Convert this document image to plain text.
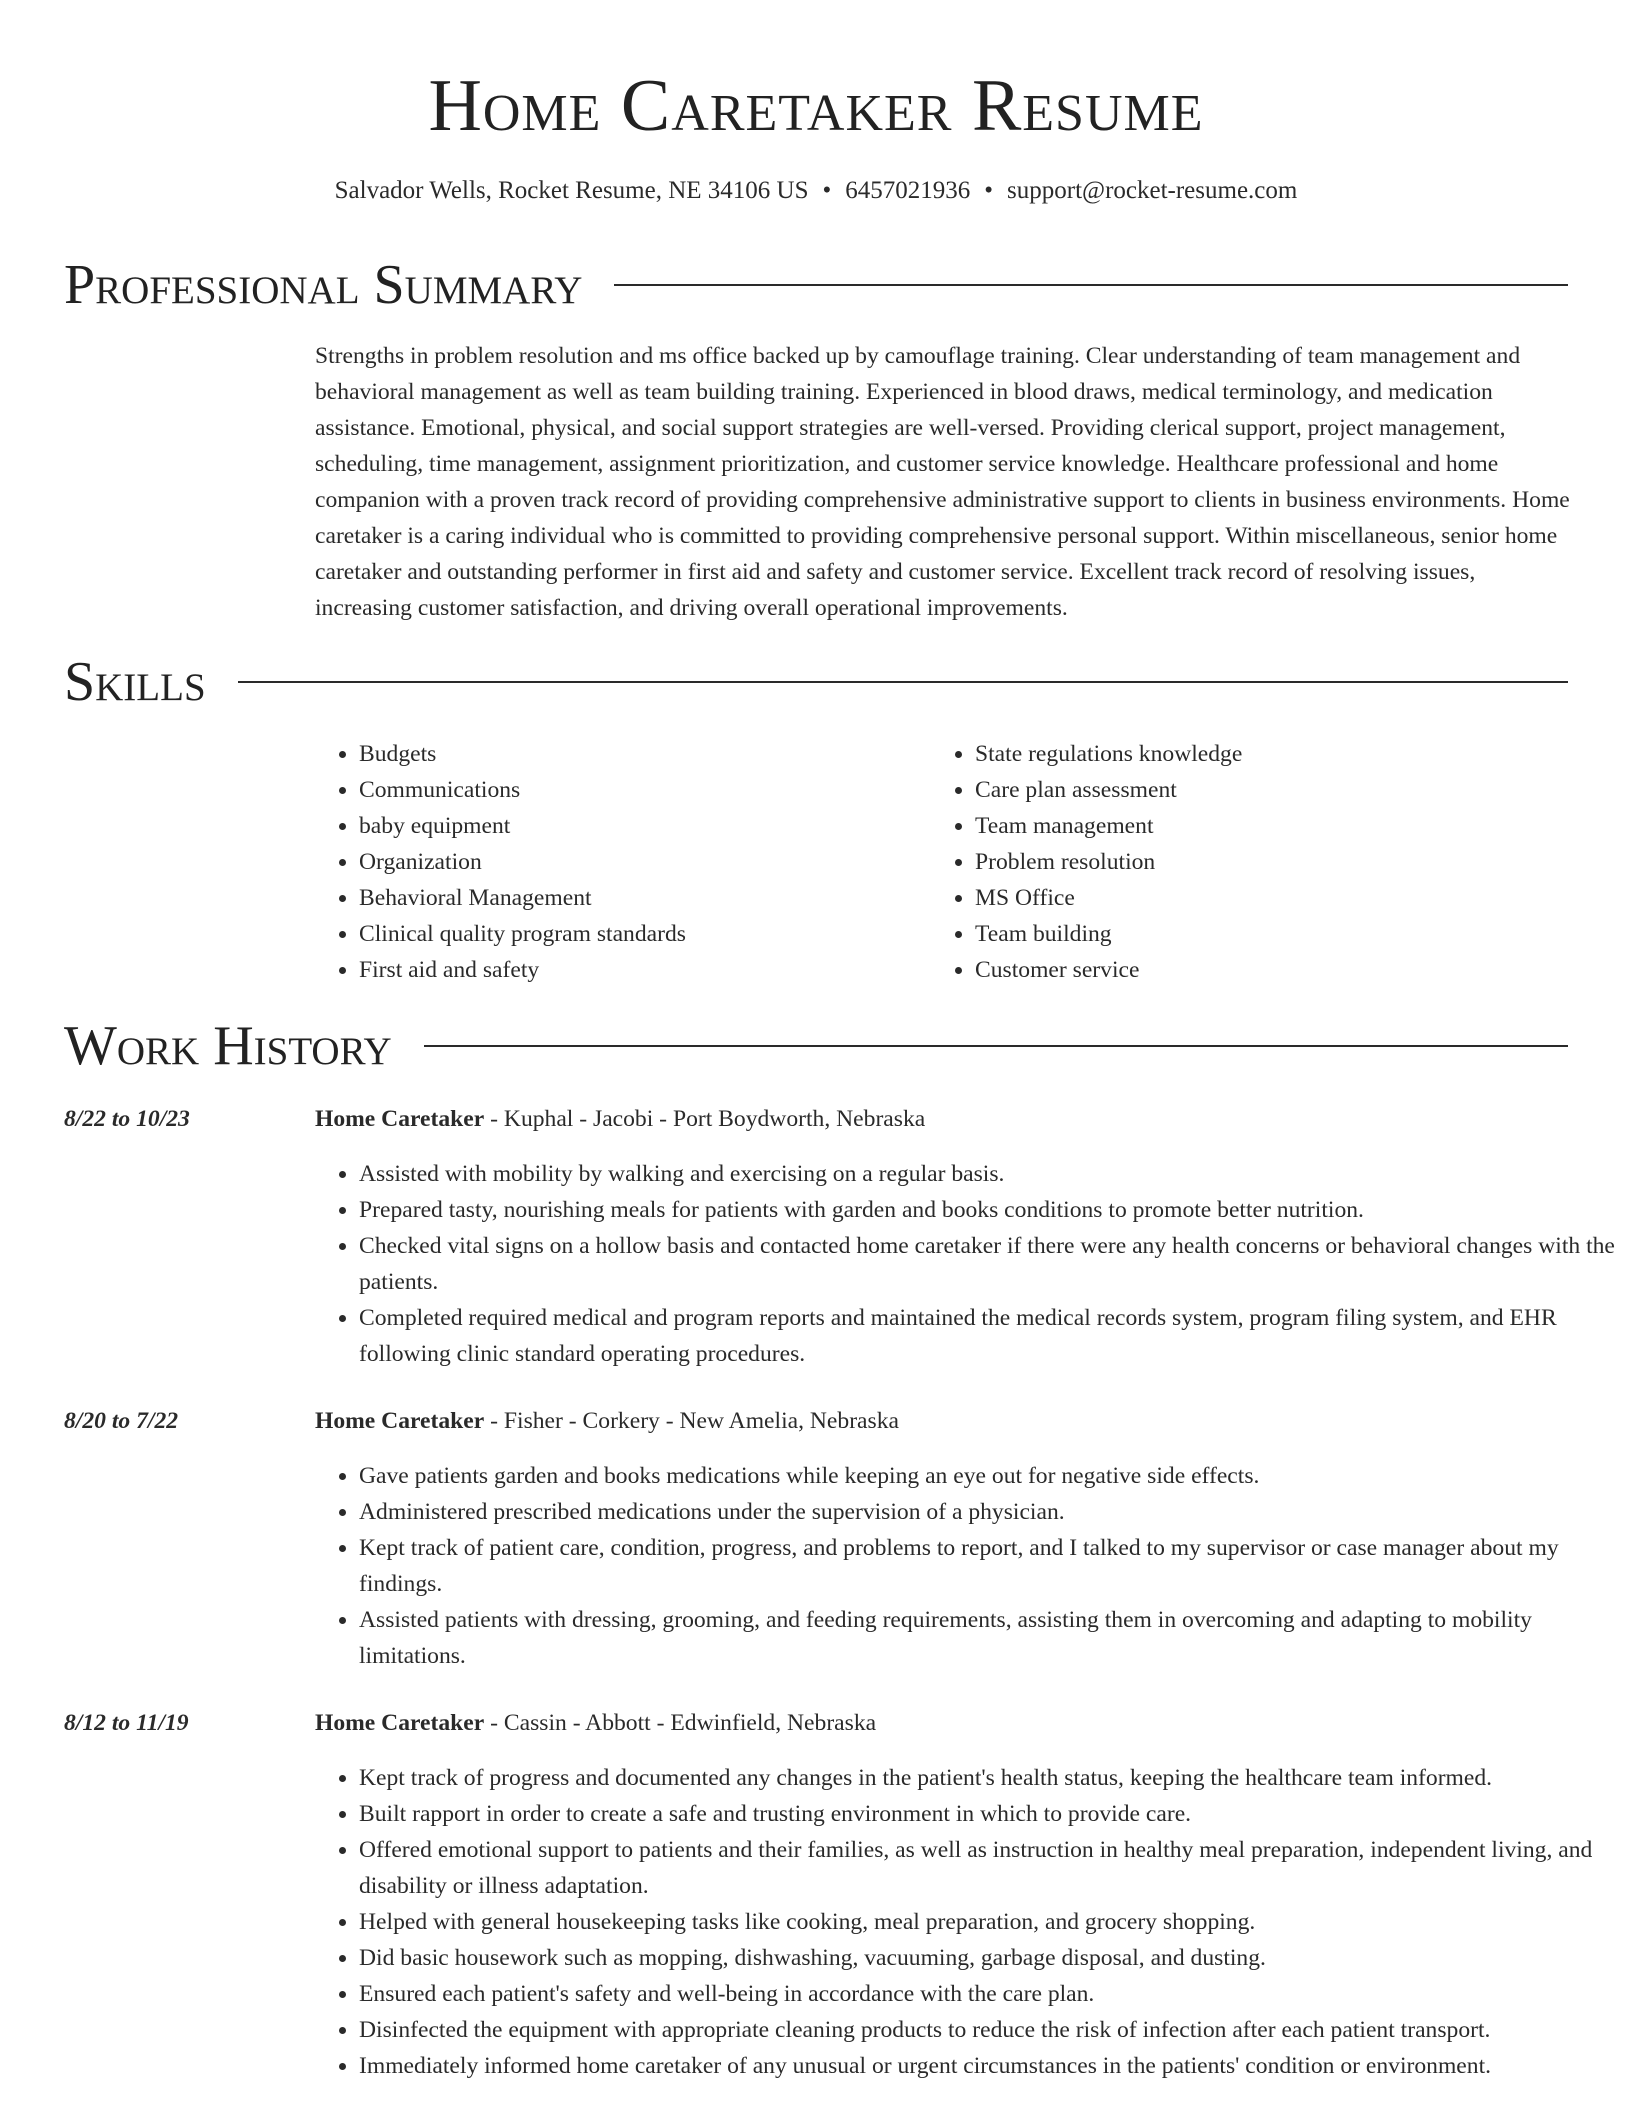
Home Caretaker Resume
Salvador Wells, Rocket Resume, NE 34106 US • 6457021936 • support@rocket-resume.com
Professional Summary

Strengths in problem resolution and ms office backed up by camouflage training. Clear understanding of team management and behavioral management as well as team building training. Experienced in blood draws, medical terminology, and medication assistance. Emotional, physical, and social support strategies are well-versed. Providing clerical support, project management, scheduling, time management, assignment prioritization, and customer service knowledge. Healthcare professional and home companion with a proven track record of providing comprehensive administrative support to clients in business environments. Home caretaker is a caring individual who is committed to providing comprehensive personal support. Within miscellaneous, senior home caretaker and outstanding performer in first aid and safety and customer service. Excellent track record of resolving issues, increasing customer satisfaction, and driving overall operational improvements.

Skills
• Budgets
• Communications
• baby equipment
• Organization
• Behavioral Management
• Clinical quality program standards
• First aid and safety
• State regulations knowledge
• Care plan assessment
• Team management
• Problem resolution
• MS Office
• Team building
• Customer service
Work History
8/22 to 10/23	Home Caretaker - Kuphal - Jacobi - Port Boydworth, Nebraska
• Assisted with mobility by walking and exercising on a regular basis.
• Prepared tasty, nourishing meals for patients with garden and books conditions to promote better nutrition.
• Checked vital signs on a hollow basis and contacted home caretaker if there were any health concerns or behavioral changes with the patients.
• Completed required medical and program reports and maintained the medical records system, program filing system, and EHR following clinic standard operating procedures.
8/20 to 7/22	Home Caretaker - Fisher - Corkery - New Amelia, Nebraska
• Gave patients garden and books medications while keeping an eye out for negative side effects.
• Administered prescribed medications under the supervision of a physician.
• Kept track of patient care, condition, progress, and problems to report, and I talked to my supervisor or case manager about my findings.
• Assisted patients with dressing, grooming, and feeding requirements, assisting them in overcoming and adapting to mobility limitations.
8/12 to 11/19	Home Caretaker - Cassin - Abbott - Edwinfield, Nebraska
• Kept track of progress and documented any changes in the patient's health status, keeping the healthcare team informed.
• Built rapport in order to create a safe and trusting environment in which to provide care.
• Offered emotional support to patients and their families, as well as instruction in healthy meal preparation, independent living, and disability or illness adaptation.
• Helped with general housekeeping tasks like cooking, meal preparation, and grocery shopping.
• Did basic housework such as mopping, dishwashing, vacuuming, garbage disposal, and dusting.
• Ensured each patient's safety and well-being in accordance with the care plan.
• Disinfected the equipment with appropriate cleaning products to reduce the risk of infection after each patient transport.
• Immediately informed home caretaker of any unusual or urgent circumstances in the patients' condition or environment.
